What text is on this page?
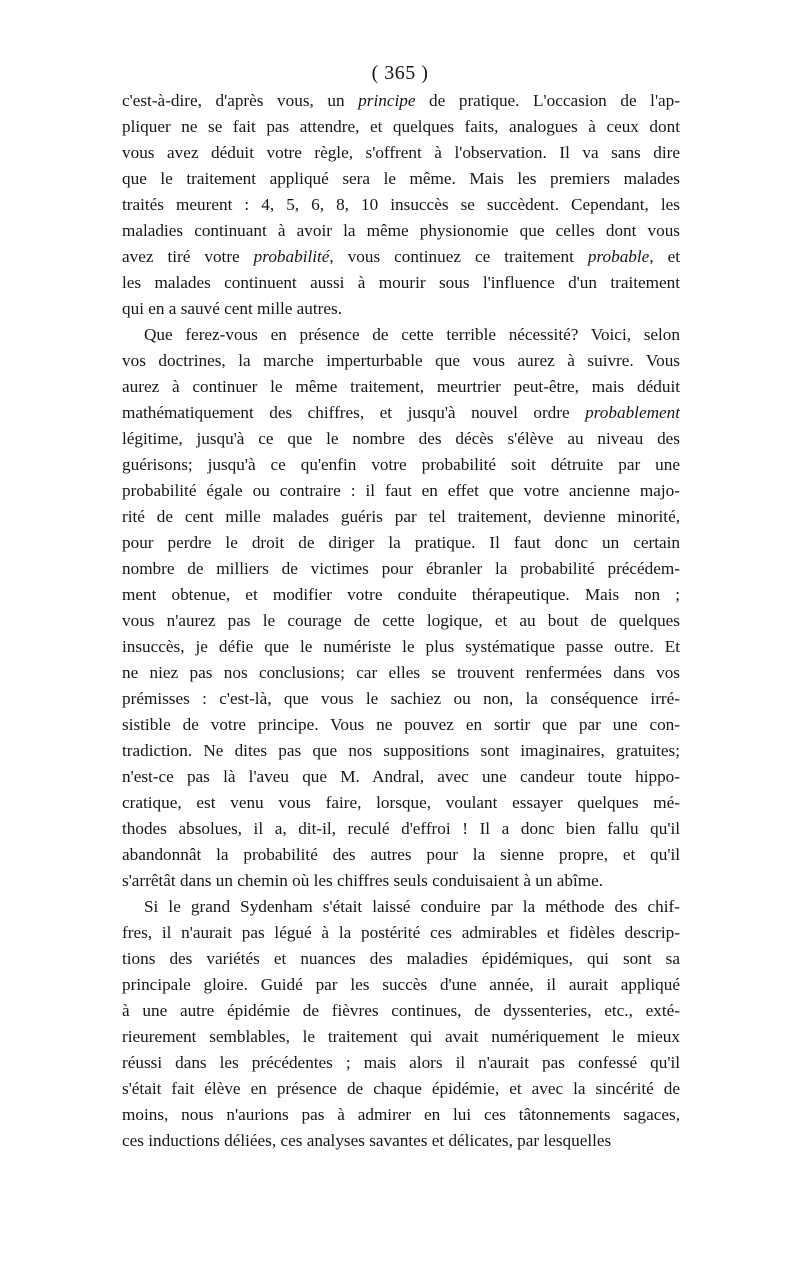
( 365 )
c'est-à-dire, d'après vous, un principe de pratique. L'occasion de l'ap-
pliquer ne se fait pas attendre, et quelques faits, analogues à ceux dont
vous avez déduit votre règle, s'offrent à l'observation. Il va sans dire
que le traitement appliqué sera le même. Mais les premiers malades
traités meurent : 4, 5, 6, 8, 10 insuccès se succèdent. Cependant, les
maladies continuant à avoir la même physionomie que celles dont vous
avez tiré votre probabilité, vous continuez ce traitement probable, et
les malades continuent aussi à mourir sous l'influence d'un traitement
qui en a sauvé cent mille autres.
Que ferez-vous en présence de cette terrible nécessité? Voici, selon
vos doctrines, la marche imperturbable que vous aurez à suivre. Vous
aurez à continuer le même traitement, meurtrier peut-être, mais déduit
mathématiquement des chiffres, et jusqu'à nouvel ordre probablement
légitime, jusqu'à ce que le nombre des décès s'élève au niveau des
guérisons; jusqu'à ce qu'enfin votre probabilité soit détruite par une
probabilité égale ou contraire : il faut en effet que votre ancienne majo-
rité de cent mille malades guéris par tel traitement, devienne minorité,
pour perdre le droit de diriger la pratique. Il faut donc un certain
nombre de milliers de victimes pour ébranler la probabilité précédem-
ment obtenue, et modifier votre conduite thérapeutique. Mais non ;
vous n'aurez pas le courage de cette logique, et au bout de quelques
insuccès, je défie que le numériste le plus systématique passe outre. Et
ne niez pas nos conclusions; car elles se trouvent renfermées dans vos
prémisses : c'est-là, que vous le sachiez ou non, la conséquence irré-
sistible de votre principe. Vous ne pouvez en sortir que par une con-
tradiction. Ne dites pas que nos suppositions sont imaginaires, gratuites;
n'est-ce pas là l'aveu que M. Andral, avec une candeur toute hippo-
cratique, est venu vous faire, lorsque, voulant essayer quelques mé-
thodes absolues, il a, dit-il, reculé d'effroi ! Il a donc bien fallu qu'il
abandonnât la probabilité des autres pour la sienne propre, et qu'il
s'arrêtât dans un chemin où les chiffres seuls conduisaient à un abîme.
Si le grand Sydenham s'était laissé conduire par la méthode des chif-
fres, il n'aurait pas légué à la postérité ces admirables et fidèles descrip-
tions des variétés et nuances des maladies épidémiques, qui sont sa
principale gloire. Guidé par les succès d'une année, il aurait appliqué
à une autre épidémie de fièvres continues, de dyssenteries, etc., exté-
rieurement semblables, le traitement qui avait numériquement le mieux
réussi dans les précédentes ; mais alors il n'aurait pas confessé qu'il
s'était fait élève en présence de chaque épidémie, et avec la sincérité de
moins, nous n'aurions pas à admirer en lui ces tâtonnements sagaces,
ces inductions déliées, ces analyses savantes et délicates, par lesquelles
